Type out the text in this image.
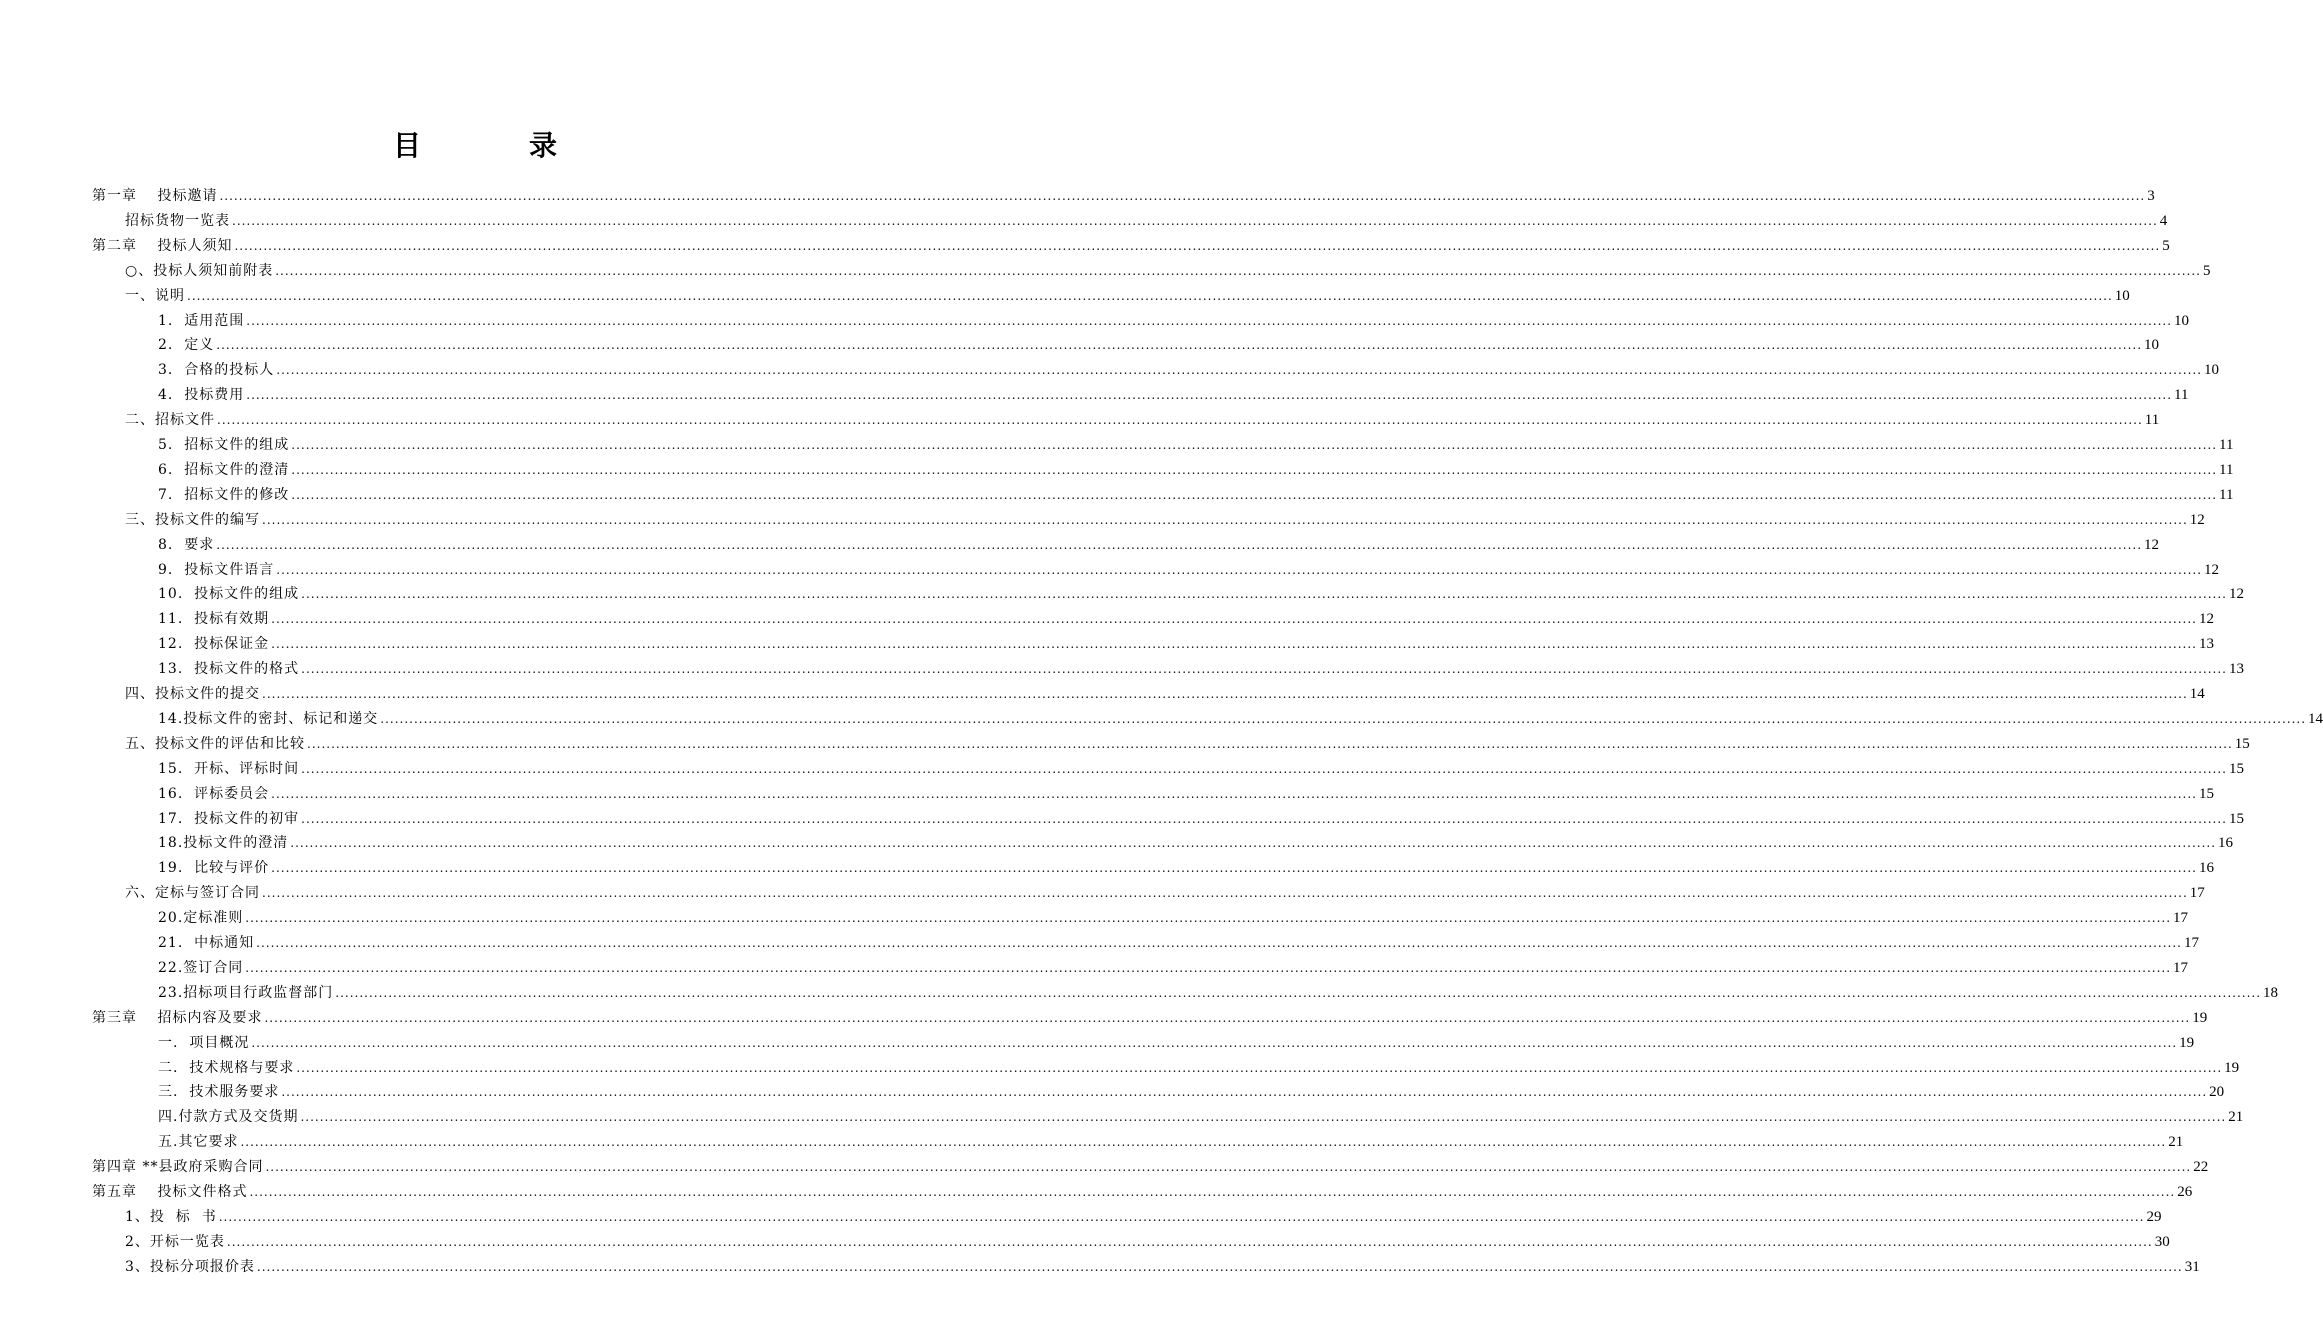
目　录
第一章　 投标邀请 ................................................................................................................................................................................................................................................................................................................................................................................................................ 3
招标货物一览表 ................................................................................................................................................................................................................................................................................................................................................................................................................ 4
第二章　 投标人须知 ................................................................................................................................................................................................................................................................................................................................................................................................................ 5
○、投标人须知前附表 ................................................................................................................................................................................................................................................................................................................................................................................................................ 5
一、说明 ................................................................................................................................................................................................................................................................................................................................................................................................................ 10
1.  适用范围 ................................................................................................................................................................................................................................................................................................................................................................................................................ 10
2.  定义 ................................................................................................................................................................................................................................................................................................................................................................................................................ 10
3.  合格的投标人 ................................................................................................................................................................................................................................................................................................................................................................................................................ 10
4.  投标费用 ................................................................................................................................................................................................................................................................................................................................................................................................................ 11
二、招标文件 ................................................................................................................................................................................................................................................................................................................................................................................................................ 11
5.  招标文件的组成 ................................................................................................................................................................................................................................................................................................................................................................................................................ 11
6.  招标文件的澄清 ................................................................................................................................................................................................................................................................................................................................................................................................................ 11
7.  招标文件的修改 ................................................................................................................................................................................................................................................................................................................................................................................................................ 11
三、投标文件的编写 ................................................................................................................................................................................................................................................................................................................................................................................................................ 12
8.  要求 ................................................................................................................................................................................................................................................................................................................................................................................................................ 12
9.  投标文件语言 ................................................................................................................................................................................................................................................................................................................................................................................................................ 12
10.  投标文件的组成 ................................................................................................................................................................................................................................................................................................................................................................................................................ 12
11.  投标有效期 ................................................................................................................................................................................................................................................................................................................................................................................................................ 12
12.  投标保证金 ................................................................................................................................................................................................................................................................................................................................................................................................................ 13
13.  投标文件的格式 ................................................................................................................................................................................................................................................................................................................................................................................................................ 13
四、投标文件的提交 ................................................................................................................................................................................................................................................................................................................................................................................................................ 14
14.投标文件的密封、标记和递交 ................................................................................................................................................................................................................................................................................................................................................................................................................ 14
五、投标文件的评估和比较 ................................................................................................................................................................................................................................................................................................................................................................................................................ 15
15.  开标、评标时间 ................................................................................................................................................................................................................................................................................................................................................................................................................ 15
16.  评标委员会 ................................................................................................................................................................................................................................................................................................................................................................................................................ 15
17.  投标文件的初审 ................................................................................................................................................................................................................................................................................................................................................................................................................ 15
18.投标文件的澄清 ................................................................................................................................................................................................................................................................................................................................................................................................................ 16
19.  比较与评价 ................................................................................................................................................................................................................................................................................................................................................................................................................ 16
六、定标与签订合同 ................................................................................................................................................................................................................................................................................................................................................................................................................ 17
20.定标准则 ................................................................................................................................................................................................................................................................................................................................................................................................................ 17
21.  中标通知 ................................................................................................................................................................................................................................................................................................................................................................................................................ 17
22.签订合同 ................................................................................................................................................................................................................................................................................................................................................................................................................ 17
23.招标项目行政监督部门 ................................................................................................................................................................................................................................................................................................................................................................................................................ 18
第三章　 招标内容及要求 ................................................................................................................................................................................................................................................................................................................................................................................................................ 19
一.  项目概况 ................................................................................................................................................................................................................................................................................................................................................................................................................ 19
二.  技术规格与要求 ................................................................................................................................................................................................................................................................................................................................................................................................................ 19
三.  技术服务要求 ................................................................................................................................................................................................................................................................................................................................................................................................................ 20
四.付款方式及交货期 ................................................................................................................................................................................................................................................................................................................................................................................................................ 21
五.其它要求 ................................................................................................................................................................................................................................................................................................................................................................................................................ 21
第四章 **县政府采购合同 ................................................................................................................................................................................................................................................................................................................................................................................................................ 22
第五章　 投标文件格式 ................................................................................................................................................................................................................................................................................................................................................................................................................ 26
1、投  标  书 ................................................................................................................................................................................................................................................................................................................................................................................................................ 29
2、开标一览表 ................................................................................................................................................................................................................................................................................................................................................................................................................ 30
3、投标分项报价表 ................................................................................................................................................................................................................................................................................................................................................................................................................ 31
